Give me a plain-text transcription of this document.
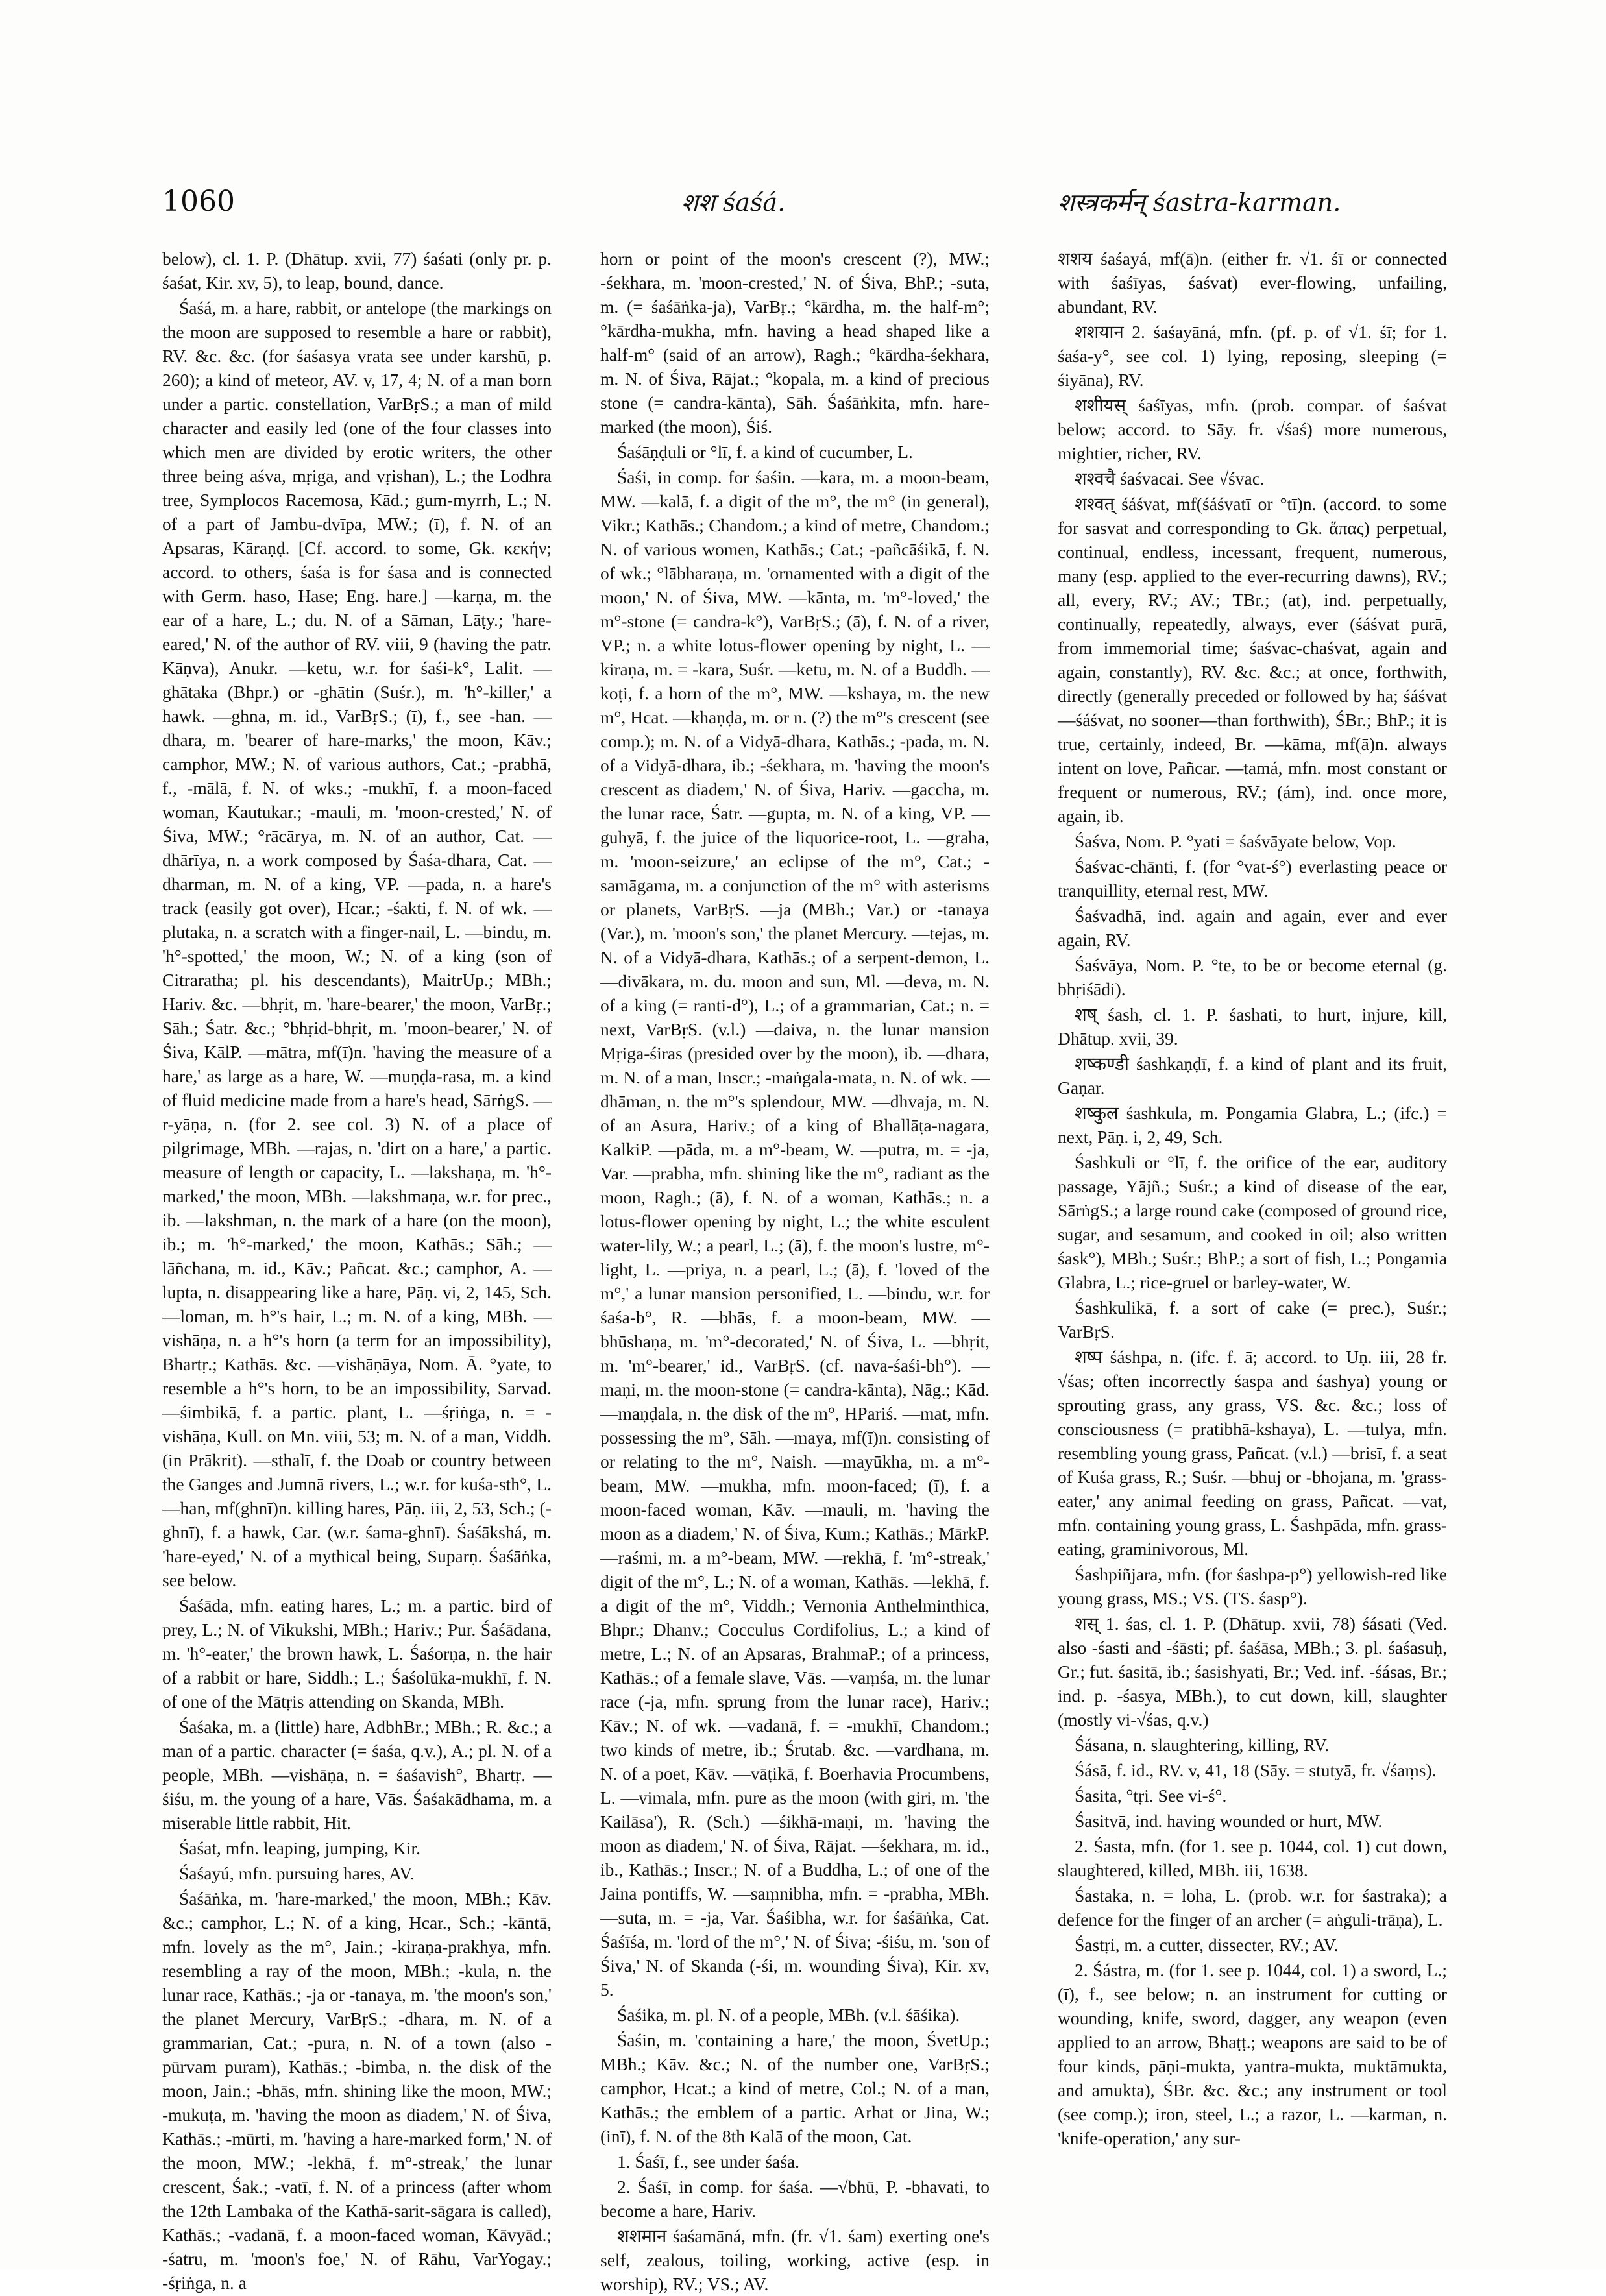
1060	शश śaśá.	शस्त्रकर्मन् śastra-karman.

below), cl. 1. P. (Dhātup. xvii, 77) śaśati (only pr. p. śaśat, Kir. xv, 5), to leap, bound, dance.

Śaśá, m. a hare, rabbit, or antelope (the markings on the moon are supposed to resemble a hare or rabbit), RV. &c. &c. (for śaśasya vrata see under karshū, p. 260); a kind of meteor, AV. v, 17, 4; N. of a man born under a partic. constellation, VarBṛS.; a man of mild character and easily led (one of the four classes into which men are divided by erotic writers, the other three being aśva, mṛiga, and vṛishan), L.; the Lodhra tree, Symplocos Racemosa, Kād.; gum-myrrh, L.; N. of a part of Jambu-dvīpa, MW.; (ī), f. N. of an Apsaras, Kāraṇḍ. [Cf. accord. to some, Gk. κεκήν; accord. to others, śaśa is for śasa and is connected with Germ. haso, Hase; Eng. hare.] —karṇa, m. the ear of a hare, L.; du. N. of a Sāman, Lāṭy.; 'hare-eared,' N. of the author of RV. viii, 9 (having the patr. Kāṇva), Anukr. —ketu, w.r. for śaśi-k°, Lalit. —ghātaka (Bhpr.) or -ghātin (Suśr.), m. 'h°-killer,' a hawk. —ghna, m. id., VarBṛS.; (ī), f., see -han. —dhara, m. 'bearer of hare-marks,' the moon, Kāv.; camphor, MW.; N. of various authors, Cat.; -prabhā, f., -mālā, f. N. of wks.; -mukhī, f. a moon-faced woman, Kautukar.; -mauli, m. 'moon-crested,' N. of Śiva, MW.; °rācārya, m. N. of an author, Cat. —dhārīya, n. a work composed by Śaśa-dhara, Cat. —dharman, m. N. of a king, VP. —pada, n. a hare's track (easily got over), Hcar.; -śakti, f. N. of wk. —plutaka, n. a scratch with a finger-nail, L. —bindu, m. 'h°-spotted,' the moon, W.; N. of a king (son of Citraratha; pl. his descendants), MaitrUp.; MBh.; Hariv. &c. —bhṛit, m. 'hare-bearer,' the moon, VarBṛ.; Sāh.; Śatr. &c.; °bhṛid-bhṛit, m. 'moon-bearer,' N. of Śiva, KālP. —mātra, mf(ī)n. 'having the measure of a hare,' as large as a hare, W. —muṇḍa-rasa, m. a kind of fluid medicine made from a hare's head, SārṅgS. —r-yāṇa, n. (for 2. see col. 3) N. of a place of pilgrimage, MBh. —rajas, n. 'dirt on a hare,' a partic. measure of length or capacity, L. —lakshaṇa, m. 'h°-marked,' the moon, MBh. —lakshmaṇa, w.r. for prec., ib. —lakshman, n. the mark of a hare (on the moon), ib.; m. 'h°-marked,' the moon, Kathās.; Sāh.; —lāñchana, m. id., Kāv.; Pañcat. &c.; camphor, A. —lupta, n. disappearing like a hare, Pāṇ. vi, 2, 145, Sch. —loman, m. h°'s hair, L.; m. N. of a king, MBh. —vishāṇa, n. a h°'s horn (a term for an impossibility), Bhartṛ.; Kathās. &c. —vishāṇāya, Nom. Ā. °yate, to resemble a h°'s horn, to be an impossibility, Sarvad. —śimbikā, f. a partic. plant, L. —śṛiṅga, n. = -vishāṇa, Kull. on Mn. viii, 53; m. N. of a man, Viddh. (in Prākrit). —sthalī, f. the Doab or country between the Ganges and Jumnā rivers, L.; w.r. for kuśa-sth°, L. —han, mf(ghnī)n. killing hares, Pāṇ. iii, 2, 53, Sch.; (-ghnī), f. a hawk, Car. (w.r. śama-ghnī). Śaśākshá, m. 'hare-eyed,' N. of a mythical being, Suparṇ. Śaśāṅka, see below.

Śaśāda, mfn. eating hares, L.; m. a partic. bird of prey, L.; N. of Vikukshi, MBh.; Hariv.; Pur. Śaśādana, m. 'h°-eater,' the brown hawk, L. Śaśorṇa, n. the hair of a rabbit or hare, Siddh.; L.; Śaśolūka-mukhī, f. N. of one of the Mātṛis attending on Skanda, MBh.

Śaśaka, m. a (little) hare, AdbhBr.; MBh.; R. &c.; a man of a partic. character (= śaśa, q.v.), A.; pl. N. of a people, MBh. —vishāṇa, n. = śaśavish°, Bhartṛ. —śiśu, m. the young of a hare, Vās. Śaśakādhama, m. a miserable little rabbit, Hit.

Śaśat, mfn. leaping, jumping, Kir.

Śaśayú, mfn. pursuing hares, AV.

Śaśāṅka, m. 'hare-marked,' the moon, MBh.; Kāv. &c.; camphor, L.; N. of a king, Hcar., Sch.; -kāntā, mfn. lovely as the m°, Jain.; -kiraṇa-prakhya, mfn. resembling a ray of the moon, MBh.; -kula, n. the lunar race, Kathās.; -ja or -tanaya, m. 'the moon's son,' the planet Mercury, VarBṛS.; -dhara, m. N. of a grammarian, Cat.; -pura, n. N. of a town (also -pūrvam puram), Kathās.; -bimba, n. the disk of the moon, Jain.; -bhās, mfn. shining like the moon, MW.; -mukuṭa, m. 'having the moon as diadem,' N. of Śiva, Kathās.; -mūrti, m. 'having a hare-marked form,' N. of the moon, MW.; -lekhā, f. m°-streak,' the lunar crescent, Śak.; -vatī, f. N. of a princess (after whom the 12th Lambaka of the Kathā-sarit-sāgara is called), Kathās.; -vadanā, f. a moon-faced woman, Kāvyād.; -śatru, m. 'moon's foe,' N. of Rāhu, VarYogay.; -śṛiṅga, n. a

horn or point of the moon's crescent (?), MW.; -śekhara, m. 'moon-crested,' N. of Śiva, BhP.; -suta, m. (= śaśāṅka-ja), VarBṛ.; °kārdha, m. the half-m°; °kārdha-mukha, mfn. having a head shaped like a half-m° (said of an arrow), Ragh.; °kārdha-śekhara, m. N. of Śiva, Rājat.; °kopala, m. a kind of precious stone (= candra-kānta), Sāh. Śaśāṅkita, mfn. hare-marked (the moon), Śiś.

Śaśāṇḍuli or °lī, f. a kind of cucumber, L.

Śaśi, in comp. for śaśin. —kara, m. a moon-beam, MW. —kalā, f. a digit of the m°, the m° (in general), Vikr.; Kathās.; Chandom.; a kind of metre, Chandom.; N. of various women, Kathās.; Cat.; -pañcāśikā, f. N. of wk.; °lābharaṇa, m. 'ornamented with a digit of the moon,' N. of Śiva, MW. —kānta, m. 'm°-loved,' the m°-stone (= candra-k°), VarBṛS.; (ā), f. N. of a river, VP.; n. a white lotus-flower opening by night, L. —kiraṇa, m. = -kara, Suśr. —ketu, m. N. of a Buddh. —koṭi, f. a horn of the m°, MW. —kshaya, m. the new m°, Hcat. —khaṇḍa, m. or n. (?) the m°'s crescent (see comp.); m. N. of a Vidyā-dhara, Kathās.; -pada, m. N. of a Vidyā-dhara, ib.; -śekhara, m. 'having the moon's crescent as diadem,' N. of Śiva, Hariv. —gaccha, m. the lunar race, Śatr. —gupta, m. N. of a king, VP. —guhyā, f. the juice of the liquorice-root, L. —graha, m. 'moon-seizure,' an eclipse of the m°, Cat.; -samāgama, m. a conjunction of the m° with asterisms or planets, VarBṛS. —ja (MBh.; Var.) or -tanaya (Var.), m. 'moon's son,' the planet Mercury. —tejas, m. N. of a Vidyā-dhara, Kathās.; of a serpent-demon, L. —divākara, m. du. moon and sun, Ml. —deva, m. N. of a king (= ranti-d°), L.; of a grammarian, Cat.; n. = next, VarBṛS. (v.l.) —daiva, n. the lunar mansion Mṛiga-śiras (presided over by the moon), ib. —dhara, m. N. of a man, Inscr.; -maṅgala-mata, n. N. of wk. —dhāman, n. the m°'s splendour, MW. —dhvaja, m. N. of an Asura, Hariv.; of a king of Bhallāṭa-nagara, KalkiP. —pāda, m. a m°-beam, W. —putra, m. = -ja, Var. —prabha, mfn. shining like the m°, radiant as the moon, Ragh.; (ā), f. N. of a woman, Kathās.; n. a lotus-flower opening by night, L.; the white esculent water-lily, W.; a pearl, L.; (ā), f. the moon's lustre, m°-light, L. —priya, n. a pearl, L.; (ā), f. 'loved of the m°,' a lunar mansion personified, L. —bindu, w.r. for śaśa-b°, R. —bhās, f. a moon-beam, MW. —bhūshaṇa, m. 'm°-decorated,' N. of Śiva, L. —bhṛit, m. 'm°-bearer,' id., VarBṛS. (cf. nava-śaśi-bh°). —maṇi, m. the moon-stone (= candra-kānta), Nāg.; Kād. —maṇḍala, n. the disk of the m°, HPariś. —mat, mfn. possessing the m°, Sāh. —maya, mf(ī)n. consisting of or relating to the m°, Naish. —mayūkha, m. a m°-beam, MW. —mukha, mfn. moon-faced; (ī), f. a moon-faced woman, Kāv. —mauli, m. 'having the moon as a diadem,' N. of Śiva, Kum.; Kathās.; MārkP. —raśmi, m. a m°-beam, MW. —rekhā, f. 'm°-streak,' digit of the m°, L.; N. of a woman, Kathās. —lekhā, f. a digit of the m°, Viddh.; Vernonia Anthelminthica, Bhpr.; Dhanv.; Cocculus Cordifolius, L.; a kind of metre, L.; N. of an Apsaras, BrahmaP.; of a princess, Kathās.; of a female slave, Vās. —vaṃśa, m. the lunar race (-ja, mfn. sprung from the lunar race), Hariv.; Kāv.; N. of wk. —vadanā, f. = -mukhī, Chandom.; two kinds of metre, ib.; Śrutab. &c. —vardhana, m. N. of a poet, Kāv. —vāṭikā, f. Boerhavia Procumbens, L. —vimala, mfn. pure as the moon (with giri, m. 'the Kailāsa'), R. (Sch.) —śikhā-maṇi, m. 'having the moon as diadem,' N. of Śiva, Rājat. —śekhara, m. id., ib., Kathās.; Inscr.; N. of a Buddha, L.; of one of the Jaina pontiffs, W. —saṃnibha, mfn. = -prabha, MBh. —suta, m. = -ja, Var. Śaśibha, w.r. for śaśāṅka, Cat. Śaśīśa, m. 'lord of the m°,' N. of Śiva; -śiśu, m. 'son of Śiva,' N. of Skanda (-śi, m. wounding Śiva), Kir. xv, 5.

Śaśika, m. pl. N. of a people, MBh. (v.l. śāśika).

Śaśin, m. 'containing a hare,' the moon, ŚvetUp.; MBh.; Kāv. &c.; N. of the number one, VarBṛS.; camphor, Hcat.; a kind of metre, Col.; N. of a man, Kathās.; the emblem of a partic. Arhat or Jina, W.; (inī), f. N. of the 8th Kalā of the moon, Cat.

1. Śaśī, f., see under śaśa.

2. Śaśī, in comp. for śaśa. —√bhū, P. -bhavati, to become a hare, Hariv.

शशमान śaśamāná, mfn. (fr. √1. śam) exerting one's self, zealous, toiling, working, active (esp. in worship), RV.; VS.; AV.

शशय śaśayá, mf(ā)n. (either fr. √1. śī or connected with śaśīyas, śaśvat) ever-flowing, unfailing, abundant, RV.

शशयान 2. śaśayāná, mfn. (pf. p. of √1. śī; for 1. śaśa-y°, see col. 1) lying, reposing, sleeping (= śiyāna), RV.

शशीयस् śaśīyas, mfn. (prob. compar. of śaśvat below; accord. to Sāy. fr. √śaś) more numerous, mightier, richer, RV.

शश्वचै śaśvacai. See √śvac.

शश्वत् śáśvat, mf(śáśvatī or °tī)n. (accord. to some for sasvat and corresponding to Gk. ἅπας) perpetual, continual, endless, incessant, frequent, numerous, many (esp. applied to the ever-recurring dawns), RV.; all, every, RV.; AV.; TBr.; (at), ind. perpetually, continually, repeatedly, always, ever (śáśvat purā, from immemorial time; śaśvac-chaśvat, again and again, constantly), RV. &c. &c.; at once, forthwith, directly (generally preceded or followed by ha; śáśvat—śáśvat, no sooner—than forthwith), ŚBr.; BhP.; it is true, certainly, indeed, Br. —kāma, mf(ā)n. always intent on love, Pañcar. —tamá, mfn. most constant or frequent or numerous, RV.; (ám), ind. once more, again, ib.

Śaśva, Nom. P. °yati = śaśvāyate below, Vop.

Śaśvac-chānti, f. (for °vat-ś°) everlasting peace or tranquillity, eternal rest, MW.

Śaśvadhā, ind. again and again, ever and ever again, RV.

Śaśvāya, Nom. P. °te, to be or become eternal (g. bhṛiśādi).

शष् śash, cl. 1. P. śashati, to hurt, injure, kill, Dhātup. xvii, 39.

शष्कण्डी śashkaṇḍī, f. a kind of plant and its fruit, Gaṇar.

शष्कुल śashkula, m. Pongamia Glabra, L.; (ifc.) = next, Pāṇ. i, 2, 49, Sch.

Śashkuli or °lī, f. the orifice of the ear, auditory passage, Yājñ.; Suśr.; a kind of disease of the ear, SārṅgS.; a large round cake (composed of ground rice, sugar, and sesamum, and cooked in oil; also written śask°), MBh.; Suśr.; BhP.; a sort of fish, L.; Pongamia Glabra, L.; rice-gruel or barley-water, W.

Śashkulikā, f. a sort of cake (= prec.), Suśr.; VarBṛS.

शष्प śáshpa, n. (ifc. f. ā; accord. to Uṇ. iii, 28 fr. √śas; often incorrectly śaspa and śashya) young or sprouting grass, any grass, VS. &c. &c.; loss of consciousness (= pratibhā-kshaya), L. —tulya, mfn. resembling young grass, Pañcat. (v.l.) —brisī, f. a seat of Kuśa grass, R.; Suśr. —bhuj or -bhojana, m. 'grass-eater,' any animal feeding on grass, Pañcat. —vat, mfn. containing young grass, L. Śashpāda, mfn. grass-eating, graminivorous, Ml.

Śashpiñjara, mfn. (for śashpa-p°) yellowish-red like young grass, MS.; VS. (TS. śasp°).

शस् 1. śas, cl. 1. P. (Dhātup. xvii, 78) śásati (Ved. also -śasti and -śāsti; pf. śaśāsa, MBh.; 3. pl. śaśasuḥ, Gr.; fut. śasitā, ib.; śasishyati, Br.; Ved. inf. -śásas, Br.; ind. p. -śasya, MBh.), to cut down, kill, slaughter (mostly vi-√śas, q.v.)

Śásana, n. slaughtering, killing, RV.

Śásā, f. id., RV. v, 41, 18 (Sāy. = stutyā, fr. √śaṃs).

Śasita, °tṛi. See vi-ś°.

Śasitvā, ind. having wounded or hurt, MW.

2. Śasta, mfn. (for 1. see p. 1044, col. 1) cut down, slaughtered, killed, MBh. iii, 1638.

Śastaka, n. = loha, L. (prob. w.r. for śastraka); a defence for the finger of an archer (= aṅguli-trāṇa), L.

Śastṛi, m. a cutter, dissecter, RV.; AV.

2. Śástra, m. (for 1. see p. 1044, col. 1) a sword, L.; (ī), f., see below; n. an instrument for cutting or wounding, knife, sword, dagger, any weapon (even applied to an arrow, Bhaṭṭ.; weapons are said to be of four kinds, pāṇi-mukta, yantra-mukta, muktāmukta, and amukta), ŚBr. &c. &c.; any instrument or tool (see comp.); iron, steel, L.; a razor, L. —karman, n. 'knife-operation,' any sur-
